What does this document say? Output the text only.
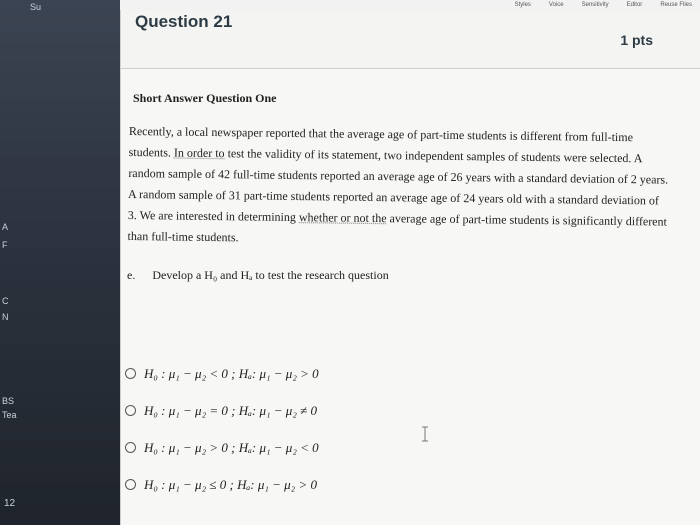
Su
A
F
C
N
BS
Tea
12
Styles	Voice	Sensitivity	Editor	Reuse Files
Question 21
1 pts
Short Answer Question One
Recently, a local newspaper reported that the average age of part-time students is different from full-time students. In order to test the validity of its statement, two independent samples of students were selected. A random sample of 42 full-time students reported an average age of 26 years with a standard deviation of 2 years. A random sample of 31 part-time students reported an average age of 24 years old with a standard deviation of 3. We are interested in determining whether or not the average age of part-time students is significantly different than full-time students.
e. Develop a H₀ and Hₐ to test the research question
H₀ : μ₁ − μ₂ < 0 ; Hₐ: μ₁ − μ₂ > 0
H₀ : μ₁ − μ₂ = 0 ; Hₐ: μ₁ − μ₂ ≠ 0
H₀ : μ₁ − μ₂ > 0 ; Hₐ: μ₁ − μ₂ < 0
H₀ : μ₁ − μ₂ ≤ 0 ; Hₐ: μ₁ − μ₂ > 0
